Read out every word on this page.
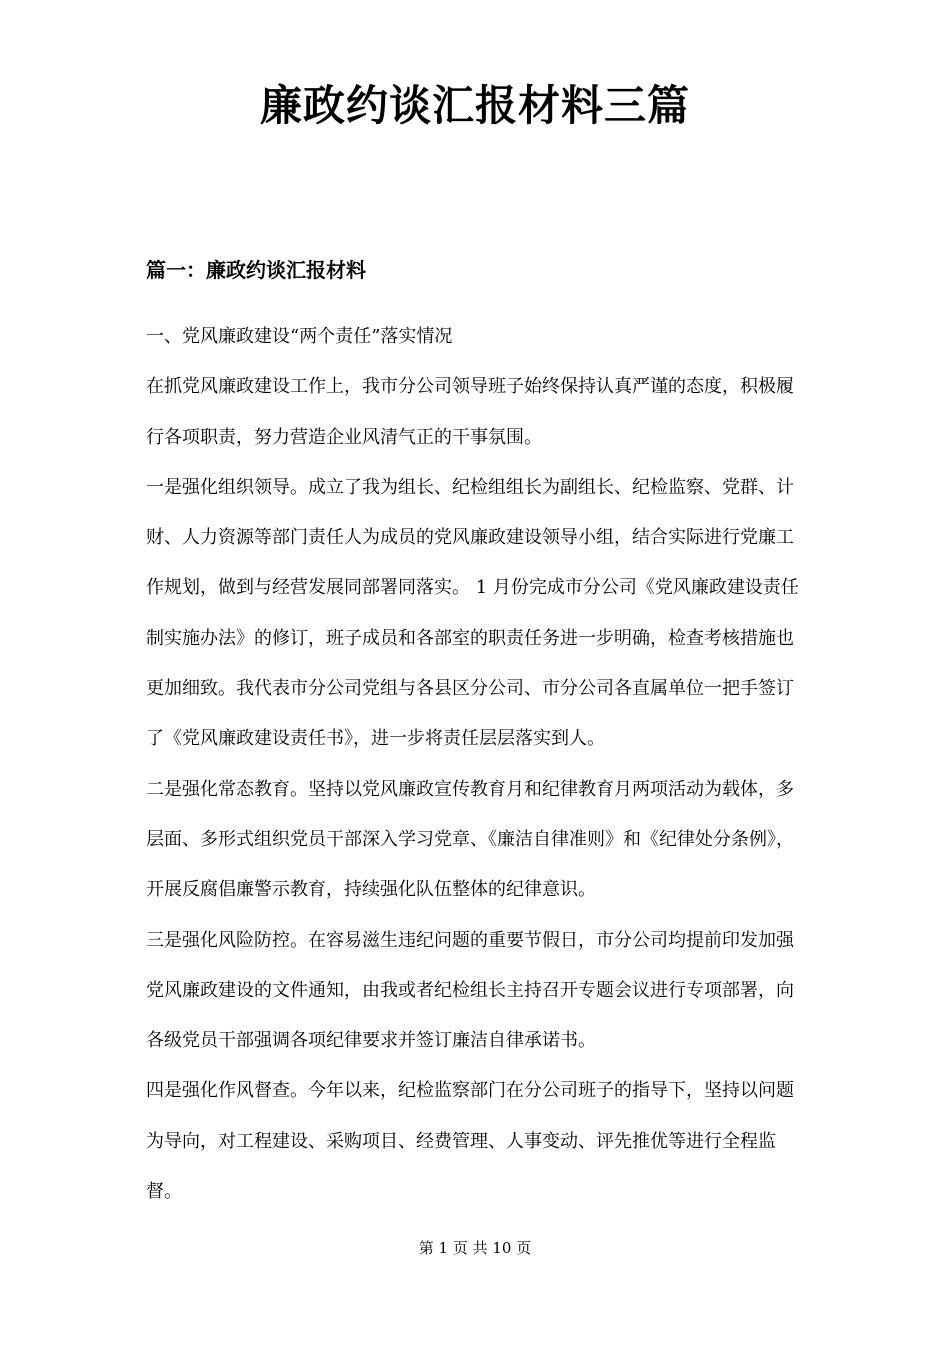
廉政约谈汇报材料三篇
篇一：廉政约谈汇报材料

一、党风廉政建设“两个责任”落实情况

在抓党风廉政建设工作上，我市分公司领导班子始终保持认真严谨的态度，积极履行各项职责，努力营造企业风清气正的干事氛围。

一是强化组织领导。成立了我为组长、纪检组组长为副组长、纪检监察、党群、计财、人力资源等部门责任人为成员的党风廉政建设领导小组，结合实际进行党廉工作规划，做到与经营发展同部署同落实。 1 月份完成市分公司《党风廉政建设责任制实施办法》的修订，班子成员和各部室的职责任务进一步明确，检查考核措施也更加细致。我代表市分公司党组与各县区分公司、市分公司各直属单位一把手签订了《党风廉政建设责任书》，进一步将责任层层落实到人。

二是强化常态教育。坚持以党风廉政宣传教育月和纪律教育月两项活动为载体，多层面、多形式组织党员干部深入学习党章、《廉洁自律准则》和《纪律处分条例》，开展反腐倡廉警示教育，持续强化队伍整体的纪律意识。

三是强化风险防控。在容易滋生违纪问题的重要节假日，市分公司均提前印发加强党风廉政建设的文件通知，由我或者纪检组长主持召开专题会议进行专项部署，向各级党员干部强调各项纪律要求并签订廉洁自律承诺书。

四是强化作风督查。今年以来，纪检监察部门在分公司班子的指导下，坚持以问题为导向，对工程建设、采购项目、经费管理、人事变动、评先推优等进行全程监督。

第 1 页 共 10 页
